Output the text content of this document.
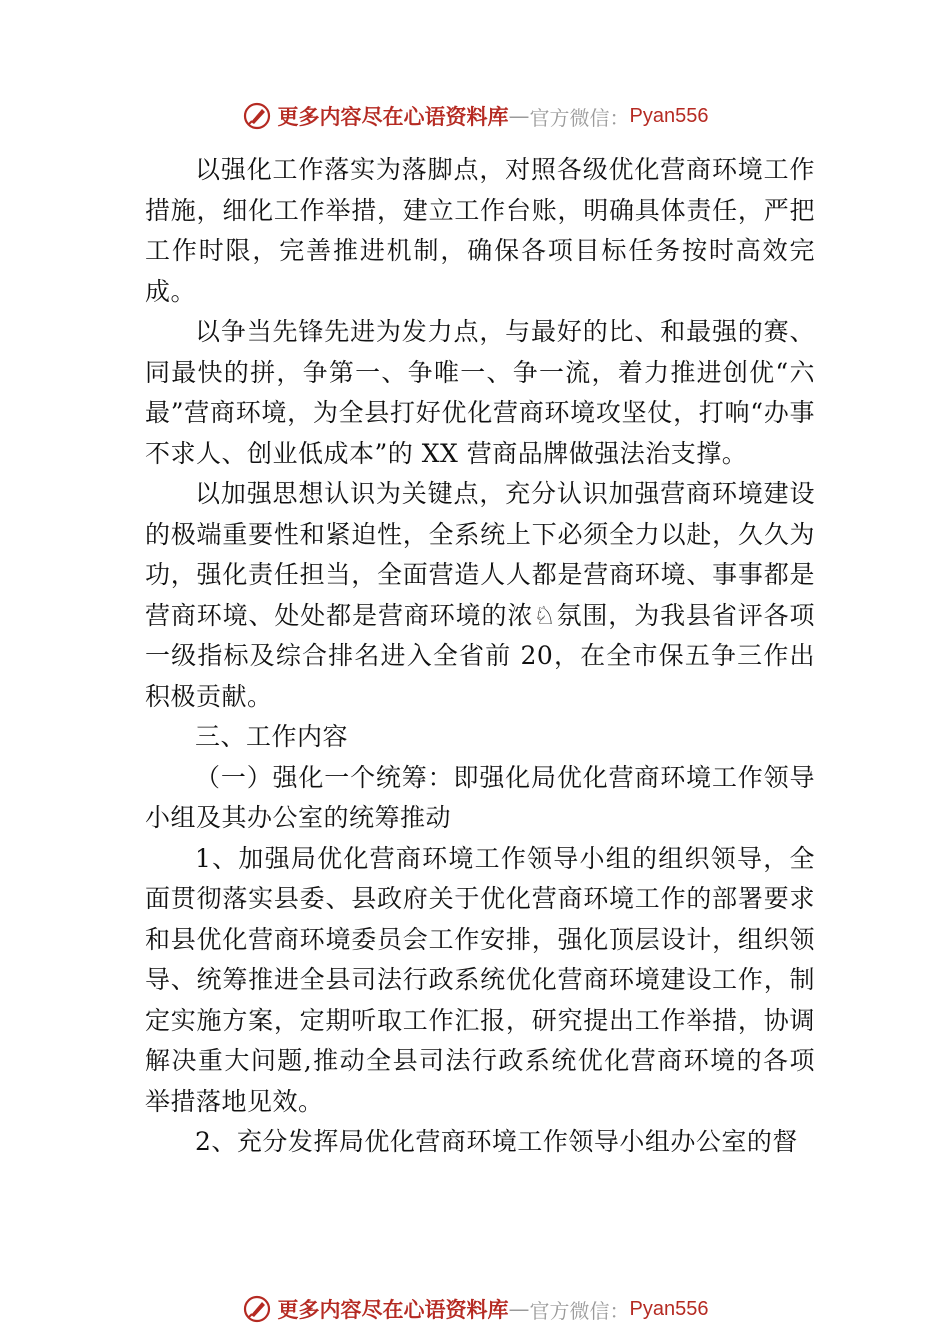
更多内容尽在心语资料库 — 官方微信： Pyan556

以强化工作落实为落脚点，对照各级优化营商环境工作措施，细化工作举措，建立工作台账，明确具体责任，严把工作时限，完善推进机制，确保各项目标任务按时高效完成。

以争当先锋先进为发力点，与最好的比、和最强的赛、同最快的拼，争第一、争唯一、争一流，着力推进创优“六最”营商环境，为全县打好优化营商环境攻坚仗，打响“办事不求人、创业低成本”的 XX 营商品牌做强法治支撑。

以加强思想认识为关键点，充分认识加强营商环境建设的极端重要性和紧迫性，全系统上下必须全力以赴，久久为功，强化责任担当，全面营造人人都是营商环境、事事都是营商环境、处处都是营商环境的浓♘氛围，为我县省评各项一级指标及综合排名进入全省前 20，在全市保五争三作出积极贡献。

三、工作内容

（一）强化一个统筹：即强化局优化营商环境工作领导小组及其办公室的统筹推动

1、加强局优化营商环境工作领导小组的组织领导，全面贯彻落实县委、县政府关于优化营商环境工作的部署要求和县优化营商环境委员会工作安排，强化顶层设计，组织领导、统筹推进全县司法行政系统优化营商环境建设工作，制定实施方案，定期听取工作汇报，研究提出工作举措，协调解决重大问题,推动全县司法行政系统优化营商环境的各项举措落地见效。

2、充分发挥局优化营商环境工作领导小组办公室的督

更多内容尽在心语资料库 — 官方微信： Pyan556
